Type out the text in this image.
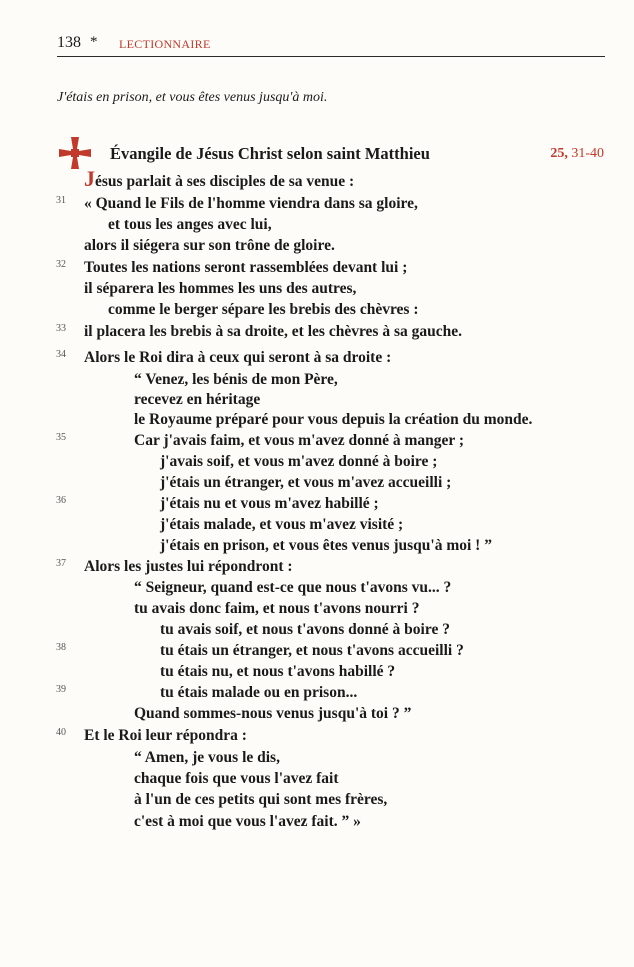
138 * LECTIONNAIRE
J'étais en prison, et vous êtes venus jusqu'à moi.
Évangile de Jésus Christ selon saint Matthieu	25, 31-40
Jésus parlait à ses disciples de sa venue :
« Quand le Fils de l'homme viendra dans sa gloire,
31
et tous les anges avec lui,
alors il siégera sur son trône de gloire.
Toutes les nations seront rassemblées devant lui ;
32
il séparera les hommes les uns des autres,
comme le berger sépare les brebis des chèvres :
il placera les brebis à sa droite, et les chèvres à sa gauche.
33
Alors le Roi dira à ceux qui seront à sa droite :
34
“ Venez, les bénis de mon Père,
recevez en héritage
le Royaume préparé pour vous depuis la création du monde.
Car j'avais faim, et vous m'avez donné à manger ;
35
j'avais soif, et vous m'avez donné à boire ;
j'étais un étranger, et vous m'avez accueilli ;
j'étais nu et vous m'avez habillé ;
36
j'étais malade, et vous m'avez visité ;
j'étais en prison, et vous êtes venus jusqu'à moi ! ”
Alors les justes lui répondront :
37
“ Seigneur, quand est-ce que nous t'avons vu... ?
tu avais donc faim, et nous t'avons nourri ?
tu avais soif, et nous t'avons donné à boire ?
tu étais un étranger, et nous t'avons accueilli ?
38
tu étais nu, et nous t'avons habillé ?
tu étais malade ou en prison...
39
Quand sommes-nous venus jusqu'à toi ? ”
Et le Roi leur répondra :
40
“ Amen, je vous le dis,
chaque fois que vous l'avez fait
à l'un de ces petits qui sont mes frères,
c'est à moi que vous l'avez fait. ” »
